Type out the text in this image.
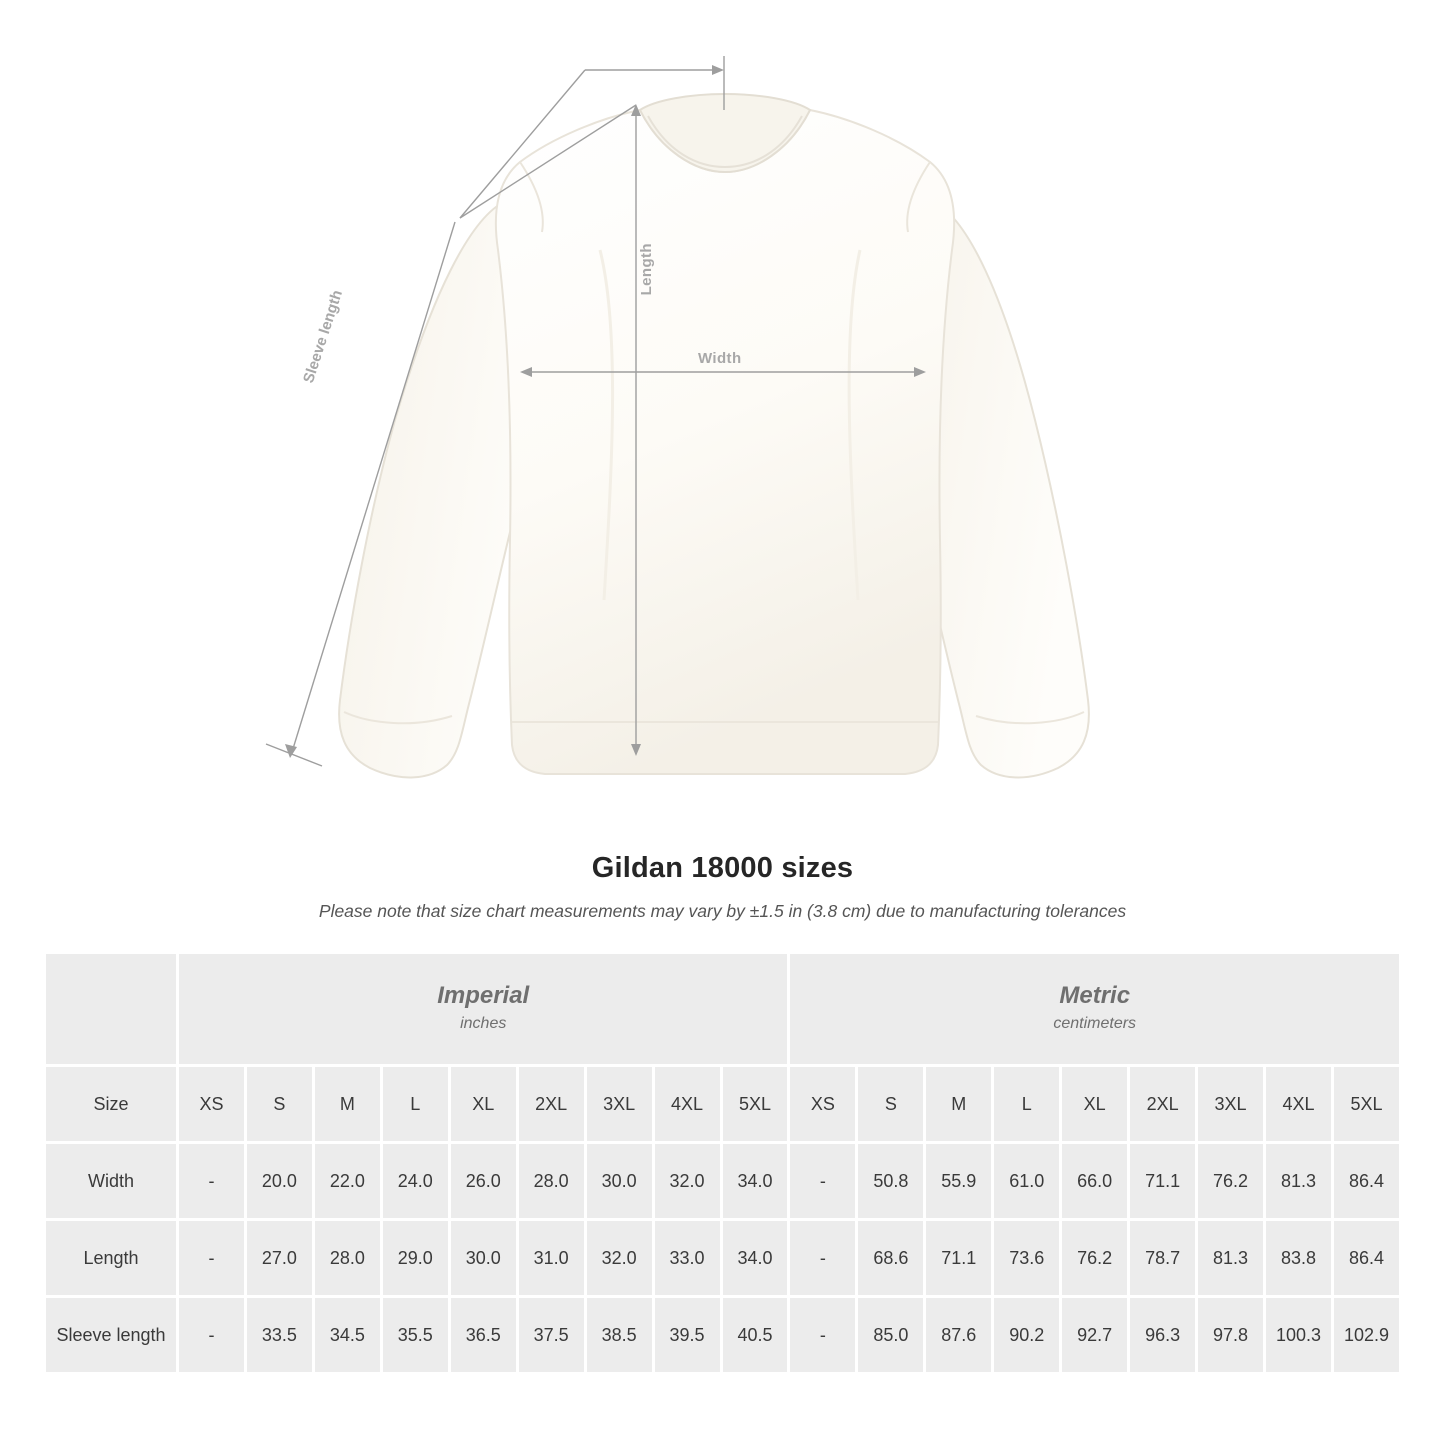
Length
Width
Sleeve length
Gildan 18000 sizes
Please note that size chart measurements may vary by ±1.5 in (3.8 cm) due to manufacturing tolerances

	Imperial
inches									Metric
centimeters								

Size	XS	S	M	L	XL	2XL	3XL	4XL	5XL	XS	S	M	L	XL	2XL	3XL	4XL	5XL
Width	-	20.0	22.0	24.0	26.0	28.0	30.0	32.0	34.0	-	50.8	55.9	61.0	66.0	71.1	76.2	81.3	86.4
Length	-	27.0	28.0	29.0	30.0	31.0	32.0	33.0	34.0	-	68.6	71.1	73.6	76.2	78.7	81.3	83.8	86.4
Sleeve length	-	33.5	34.5	35.5	36.5	37.5	38.5	39.5	40.5	-	85.0	87.6	90.2	92.7	96.3	97.8	100.3	102.9
